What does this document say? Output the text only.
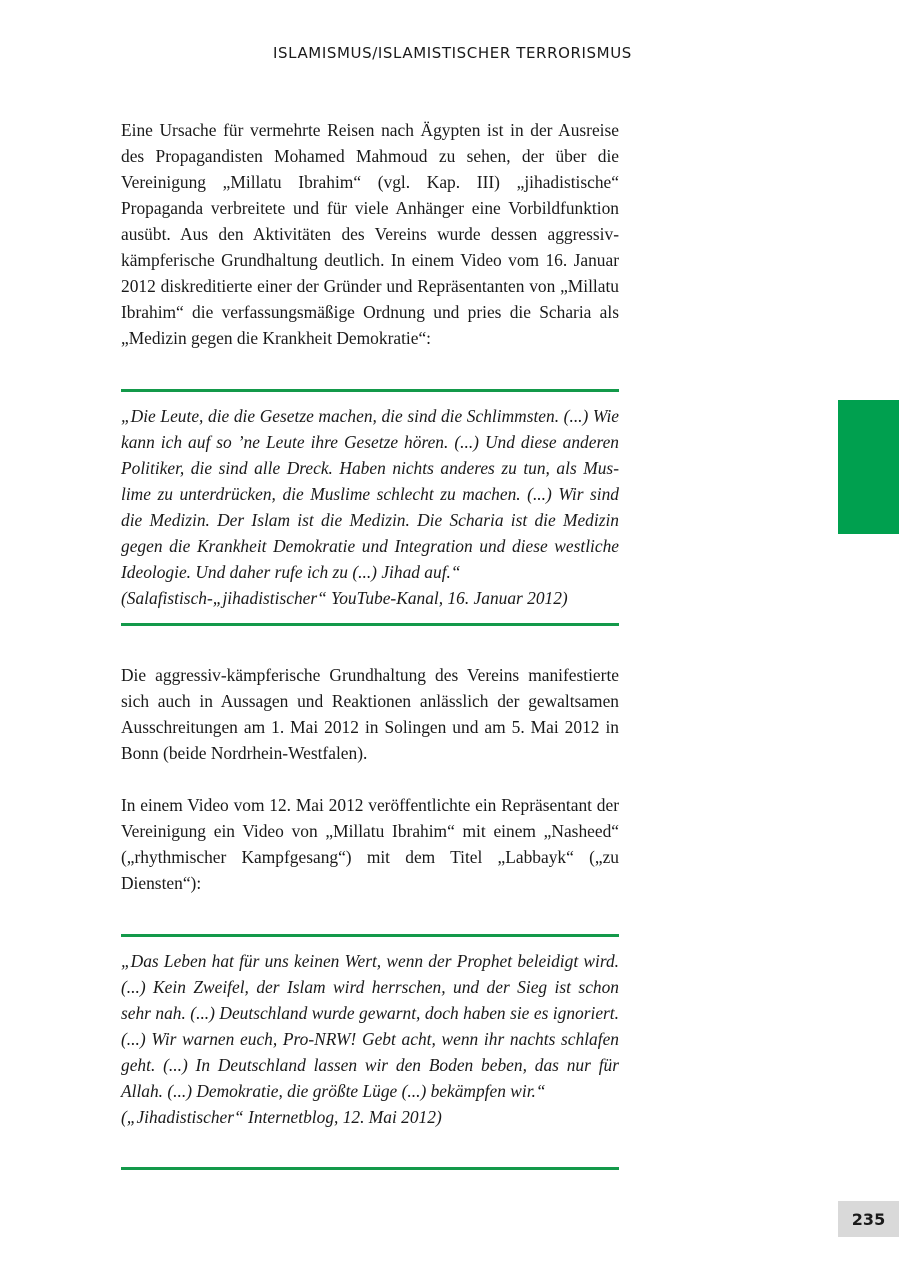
ISLAMISMUS/ISLAMISTISCHER TERRORISMUS

Eine Ursache für vermehrte Reisen nach Ägypten ist in der Ausreise des Propagandisten Mohamed Mahmoud zu sehen, der über die Vereinigung „Millatu Ibrahim“ (vgl. Kap. III) „jihadistische“ Propaganda verbreitete und für viele Anhänger eine Vorbildfunktion ausübt. Aus den Aktivitäten des Vereins wurde dessen aggressiv-kämpferische Grundhaltung deutlich. In einem Video vom 16. Januar 2012 diskreditierte einer der Gründer und Repräsentanten von „Millatu Ibrahim“ die verfassungsmäßige Ordnung und pries die Scharia als „Medizin gegen die Krankheit Demokratie“:

„Die Leute, die die Gesetze machen, die sind die Schlimmsten. (...) Wie kann ich auf so ’ne Leute ihre Gesetze hören. (...) Und diese anderen Politiker, die sind alle Dreck. Haben nichts anderes zu tun, als Muslime zu unterdrücken, die Muslime schlecht zu machen. (...) Wir sind die Medizin. Der Islam ist die Medizin. Die Scharia ist die Medizin gegen die Krankheit Demokratie und Integration und diese westliche Ideologie. Und daher rufe ich zu (...) Jihad auf.“
(Salafistisch-„jihadistischer“ YouTube-Kanal, 16. Januar 2012)

Die aggressiv-kämpferische Grundhaltung des Vereins manifestierte sich auch in Aussagen und Reaktionen anlässlich der gewaltsamen Ausschreitungen am 1. Mai 2012 in Solingen und am 5. Mai 2012 in Bonn (beide Nordrhein-Westfalen).

In einem Video vom 12. Mai 2012 veröffentlichte ein Repräsentant der Vereinigung ein Video von „Millatu Ibrahim“ mit einem „Nasheed“ („rhythmischer Kampfgesang“) mit dem Titel „Labbayk“ („zu Diensten“):

„Das Leben hat für uns keinen Wert, wenn der Prophet beleidigt wird. (...) Kein Zweifel, der Islam wird herrschen, und der Sieg ist schon sehr nah. (...) Deutschland wurde gewarnt, doch haben sie es ignoriert. (...) Wir warnen euch, Pro-NRW! Gebt acht, wenn ihr nachts schlafen geht. (...) In Deutschland lassen wir den Boden beben, das nur für Allah. (...) Demokratie, die größte Lüge (...) bekämpfen wir.“
(„Jihadistischer“ Internetblog, 12. Mai 2012)
235
